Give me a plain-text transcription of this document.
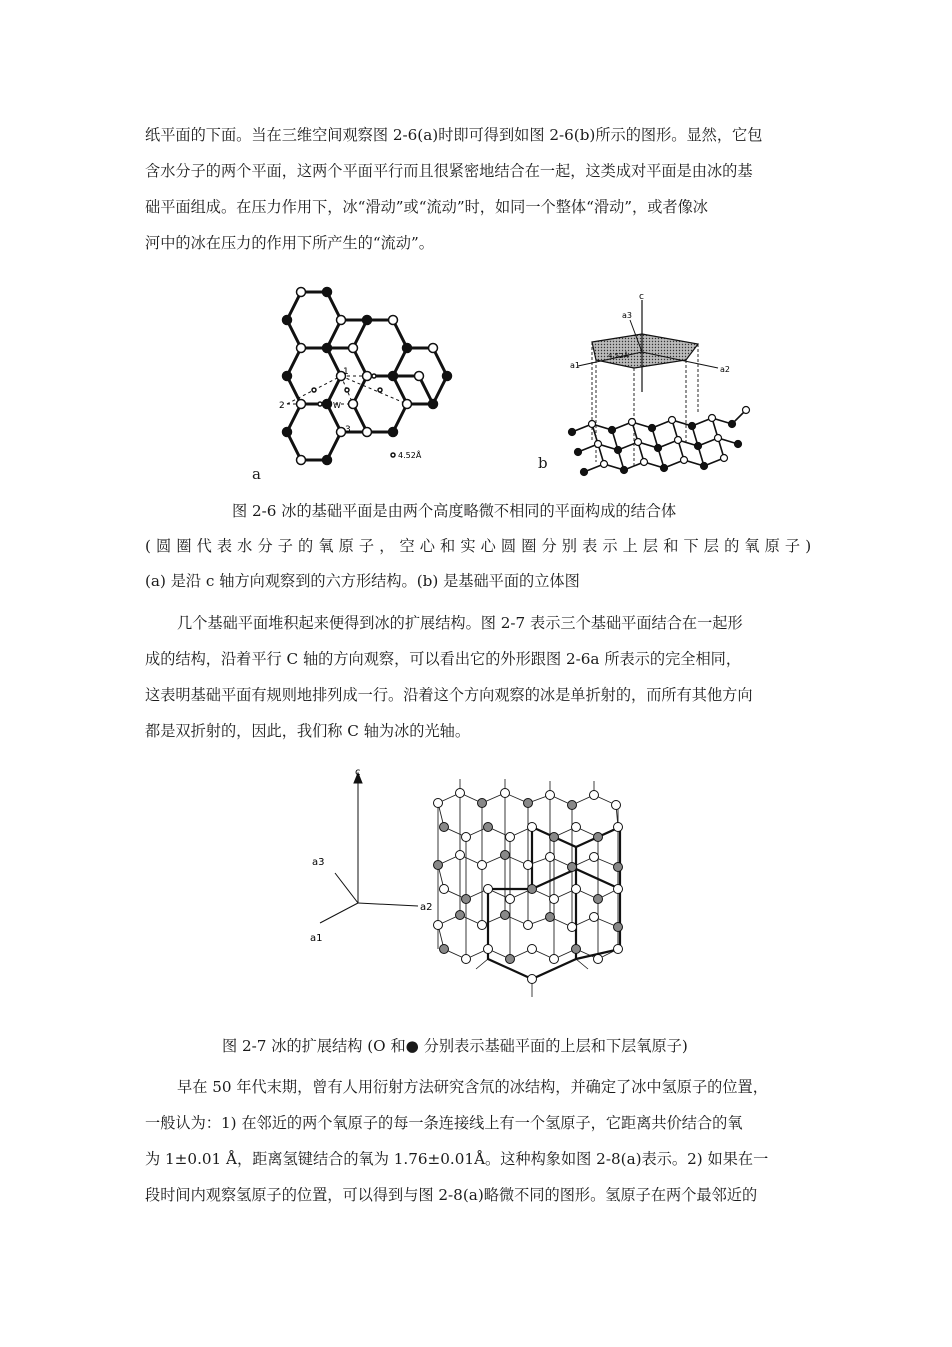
纸平面的下面。当在三维空间观察图 2-6(a)时即可得到如图 2-6(b)所示的图形。显然，它包
含水分子的两个平面，这两个平面平行而且很紧密地结合在一起，这类成对平面是由冰的基
础平面组成。在压力作用下，冰“滑动”或“流动”时，如同一个整体“滑动”，或者像冰
河中的冰在压力的作用下所产生的“流动”。
1
2
3
W
4.52Å
a
c
a3
a1	a2
4.52Å
b

图 2-6 冰的基础平面是由两个高度略微不相同的平面构成的结合体

(圆圈代表水分子的氧原子，空心和实心圆圈分别表示上层和下层的氧原子)

(a) 是沿 c 轴方向观察到的六方形结构。(b) 是基础平面的立体图

几个基础平面堆积起来便得到冰的扩展结构。图 2-7 表示三个基础平面结合在一起形
成的结构，沿着平行 C 轴的方向观察，可以看出它的外形跟图 2-6a 所表示的完全相同，
这表明基础平面有规则地排列成一行。沿着这个方向观察的冰是单折射的，而所有其他方向
都是双折射的，因此，我们称 C 轴为冰的光轴。
c
a3
a2
a1

图 2-7 冰的扩展结构 (O 和● 分别表示基础平面的上层和下层氧原子)

早在 50 年代末期，曾有人用衍射方法研究含氘的冰结构，并确定了冰中氢原子的位置，
一般认为：1) 在邻近的两个氧原子的每一条连接线上有一个氢原子，它距离共价结合的氧
为 1±0.01 Å，距离氢键结合的氧为 1.76±0.01Å。这种构象如图 2-8(a)表示。2) 如果在一
段时间内观察氢原子的位置，可以得到与图 2-8(a)略微不同的图形。氢原子在两个最邻近的
